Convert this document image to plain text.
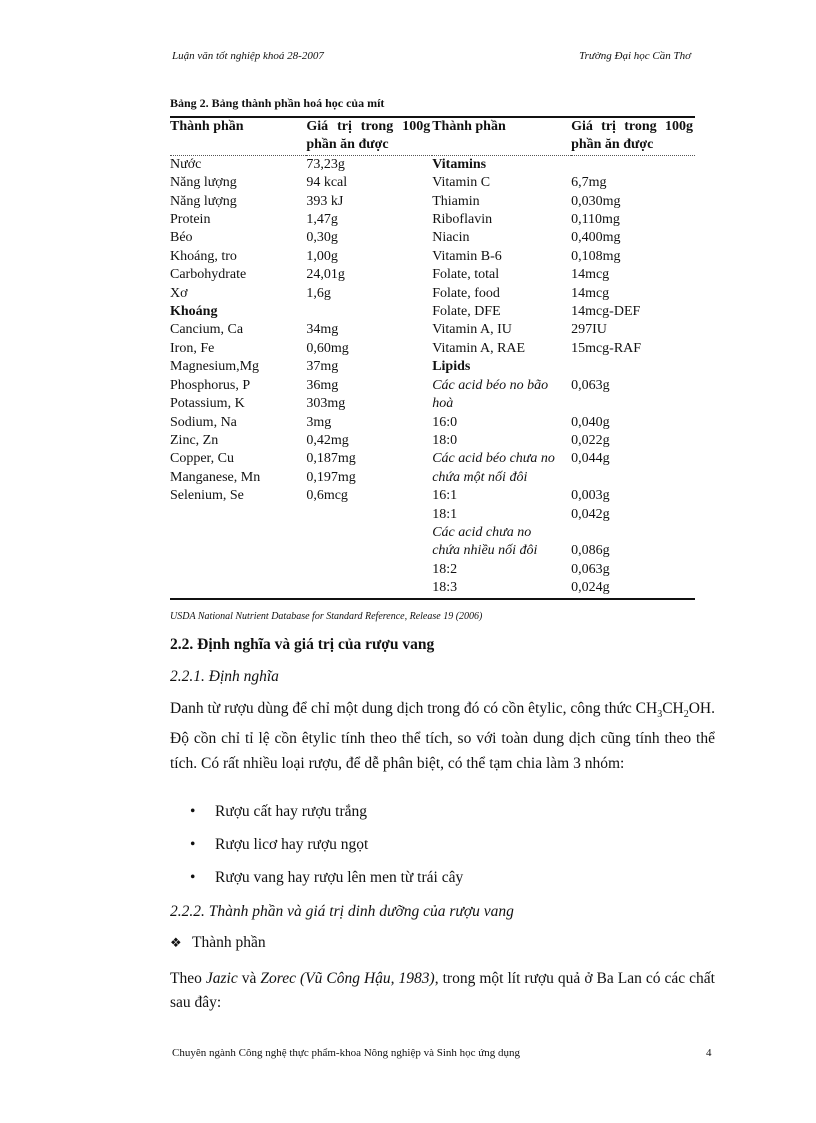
Luận văn tốt nghiệp khoá 28-2007	Trường Đại học Cần Thơ
Bảng 2. Bảng thành phần hoá học của mít
Thành phần	Giá trị trong 100g phần ăn được	Thành phần	Giá trị trong 100g phần ăn được
Nước	73,23g	Vitamins	
Năng lượng	94 kcal	Vitamin C	6,7mg
Năng lượng	393 kJ	Thiamin	0,030mg
Protein	1,47g	Riboflavin	0,110mg
Béo	0,30g	Niacin	0,400mg
Khoáng, tro	1,00g	Vitamin B-6	0,108mg
Carbohydrate	24,01g	Folate, total	14mcg
Xơ	1,6g	Folate, food	14mcg
Khoáng		Folate, DFE	14mcg-DEF
Cancium, Ca	34mg	Vitamin A, IU	297IU
Iron, Fe	0,60mg	Vitamin A, RAE	15mcg-RAF
Magnesium,Mg	37mg	Lipids	
Phosphorus, P	36mg	Các acid béo no bão	0,063g
Potassium, K	303mg	hoà	
Sodium, Na	3mg	16:0	0,040g
Zinc, Zn	0,42mg	18:0	0,022g
Copper, Cu	0,187mg	Các acid béo chưa no	0,044g
Manganese, Mn	0,197mg	chứa một nối đôi	
Selenium, Se	0,6mcg	16:1	0,003g
		18:1	0,042g
		Các acid chưa no	
		chứa nhiều nối đôi	0,086g
		18:2	0,063g
		18:3	0,024g
USDA National Nutrient Database for Standard Reference, Release 19 (2006)
2.2. Định nghĩa và giá trị của rượu vang
2.2.1. Định nghĩa

Danh từ rượu dùng để chỉ một dung dịch trong đó có cồn êtylic, công thức $CH_3CH_2OH$. Độ cồn chỉ tỉ lệ cồn êtylic tính theo thể tích, so với toàn dung dịch cũng tính theo thể tích. Có rất nhiều loại rượu, để dễ phân biệt, có thể tạm chia làm 3 nhóm:

•	Rượu cất hay rượu trắng
•	Rượu licơ hay rượu ngọt
•	Rượu vang hay rượu lên men từ trái cây
2.2.2. Thành phần và giá trị dinh dưỡng của rượu vang
❖ Thành phần

Theo Jazic và Zorec (Vũ Công Hậu, 1983), trong một lít rượu quả ở Ba Lan có các chất sau đây:

Chuyên ngành Công nghệ thực phẩm-khoa Nông nghiệp và Sinh học ứng dụng	4
